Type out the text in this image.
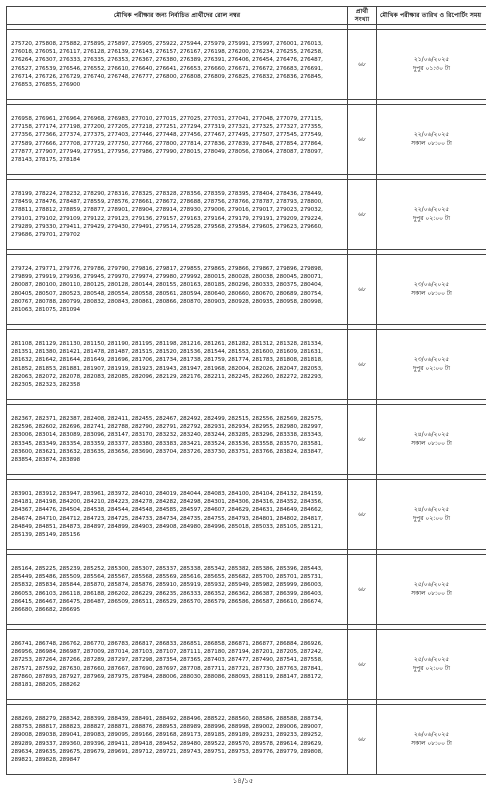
মৌখিক পরীক্ষার জন্য নির্বাচিত প্রার্থীদের রোল নম্বর	প্রার্থী সংখ্যা	মৌখিক পরীক্ষার তারিখ ও রিপোর্টিং সময়

275720, 275808, 275882, 275895, 275897, 275905, 275922, 275944, 275979, 275991, 275997, 276001, 276013, 276018, 276051, 276117, 276128, 276139, 276143, 276157, 276167, 276198, 276200, 276234, 276255, 276258, 276264, 276307, 276333, 276335, 276353, 276367, 276380, 276389, 276391, 276406, 276454, 276476, 276487, 276527, 276539, 276546, 276552, 276610, 276640, 276641, 276653, 276660, 276671, 276672, 276683, 276691, 276714, 276726, 276729, 276740, 276748, 276777, 276800, 276808, 276809, 276825, 276832, 276836, 276845, 276853, 276855, 276900	৬৮	২১/০৬/২০২৫
দুপুর ০১:৩০ টা

276958, 276961, 276964, 276968, 276983, 277010, 277015, 277025, 277031, 277041, 277048, 277079, 277115, 277158, 277174, 277198, 277200, 277205, 277218, 277251, 277294, 277319, 277321, 277325, 277327, 277355, 277356, 277366, 277374, 277375, 277403, 277446, 277448, 277456, 277467, 277495, 277507, 277545, 277549, 277589, 277666, 277708, 277729, 277750, 277766, 277800, 277814, 277836, 277839, 277848, 277854, 277864, 277877, 277907, 277949, 277951, 277956, 277986, 277990, 278015, 278049, 278056, 278064, 278087, 278097, 278143, 278175, 278184	৬৮	২২/০৬/২০২৫
সকাল ০৮:০০ টা

278199, 278224, 278232, 278290, 278316, 278325, 278328, 278356, 278359, 278395, 278404, 278436, 278449, 278459, 278476, 278487, 278559, 278576, 278661, 278672, 278688, 278756, 278766, 278787, 278793, 278800, 278811, 278812, 278859, 278877, 278901, 278904, 278914, 278930, 279006, 279016, 279017, 279023, 279032, 279101, 279102, 279109, 279122, 279123, 279136, 279157, 279163, 279164, 279179, 279191, 279209, 279224, 279289, 279330, 279411, 279429, 279430, 279491, 279514, 279528, 279568, 279584, 279605, 279623, 279660, 279686, 279701, 279702	৬৮	২২/০৬/২০২৫
দুপুর ০২:০০ টা

279724, 279771, 279776, 279786, 279790, 279816, 279817, 279855, 279865, 279866, 279867, 279896, 279898, 279899, 279919, 279936, 279945, 279970, 279974, 279980, 279992, 280015, 280028, 280038, 280045, 280071, 280087, 280100, 280110, 280125, 280128, 280144, 280155, 280163, 280185, 280296, 280333, 280375, 280404, 280405, 280507, 280523, 280548, 280554, 280558, 280561, 280594, 280640, 280660, 280670, 280689, 280754, 280767, 280788, 280799, 280832, 280843, 280861, 280866, 280870, 280903, 280928, 280935, 280958, 280998, 281063, 281075, 281094	৬৮	২৩/০৬/২০২৫
সকাল ০৮:০০ টা

281108, 281129, 281130, 281150, 281190, 281195, 281198, 281216, 281261, 281282, 281312, 281328, 281334, 281351, 281380, 281421, 281478, 281487, 281515, 281520, 281536, 281544, 281553, 281600, 281609, 281631, 281632, 281642, 281644, 281649, 281696, 281706, 281734, 281738, 281759, 281774, 281783, 281808, 281818, 281852, 281853, 281881, 281907, 281919, 281923, 281943, 281947, 281968, 282004, 282026, 282047, 282053, 282063, 282072, 282078, 282083, 282085, 282096, 282129, 282176, 282211, 282245, 282260, 282272, 282293, 282305, 282323, 282358	৬৮	২৩/০৬/২০২৫
দুপুর ০২:০০ টা

282367, 282371, 282387, 282408, 282411, 282455, 282467, 282492, 282499, 282515, 282556, 282569, 282575, 282596, 282602, 282696, 282741, 282788, 282790, 282791, 282792, 282931, 282934, 282955, 282980, 282997, 283006, 283014, 283089, 283096, 283147, 283170, 283232, 283240, 283244, 283285, 283296, 283338, 283343, 283345, 283349, 283354, 283359, 283377, 283380, 283383, 283421, 283524, 283536, 283558, 283570, 283581, 283600, 283621, 283632, 283635, 283656, 283690, 283704, 283726, 283730, 283751, 283766, 283824, 283847, 283854, 283874, 283898	৬৮	২৪/০৬/২০২৫
সকাল ০৮:০০ টা

283901, 283912, 283947, 283961, 283972, 284010, 284019, 284044, 284083, 284100, 284104, 284132, 284159, 284181, 284198, 284200, 284210, 284223, 284278, 284282, 284298, 284301, 284306, 284316, 284352, 284356, 284367, 284476, 284504, 284538, 284544, 284548, 284585, 284597, 284607, 284629, 284631, 284649, 284662, 284674, 284710, 284712, 284723, 284725, 284733, 284734, 284735, 284755, 284793, 284801, 284802, 284817, 284849, 284851, 284873, 284897, 284899, 284903, 284908, 284980, 284996, 285018, 285033, 285105, 285121, 285139, 285149, 285156	৬৮	২৪/০৬/২০২৫
দুপুর ০২:০০ টা

285164, 285225, 285239, 285252, 285300, 285307, 285337, 285338, 285342, 285382, 285386, 285396, 285443, 285449, 285486, 285509, 285564, 285567, 285568, 285569, 285616, 285655, 285682, 285700, 285701, 285731, 285832, 285834, 285844, 285870, 285874, 285876, 285910, 285919, 285932, 285949, 285982, 285999, 286003, 286053, 286103, 286118, 286188, 286202, 286229, 286235, 286333, 286352, 286362, 286387, 286399, 286403, 286415, 286467, 286475, 286487, 286509, 286511, 286529, 286570, 286579, 286586, 286587, 286610, 286674, 286680, 286682, 286695	৬৮	২৫/০৬/২০২৫
সকাল ০৮:০০ টা

286741, 286748, 286762, 286770, 286783, 286817, 286833, 286851, 286858, 286871, 286877, 286884, 286926, 286956, 286984, 286987, 287009, 287014, 287103, 287107, 287111, 287180, 287194, 287201, 287205, 287242, 287253, 287264, 287266, 287289, 287297, 287298, 287354, 287365, 287403, 287477, 287490, 287541, 287558, 287571, 287592, 287630, 287660, 287667, 287690, 287697, 287708, 287711, 287721, 287730, 287763, 287841, 287860, 287893, 287927, 287969, 287975, 287984, 288006, 288030, 288086, 288093, 288119, 288147, 288172, 288181, 288205, 288262	৬৮	২৫/০৬/২০২৫
দুপুর ০২:০০ টা

288269, 288279, 288342, 288399, 288439, 288491, 288492, 288496, 288522, 288560, 288586, 288588, 288734, 288753, 288817, 288823, 288827, 288871, 288876, 288953, 288989, 288996, 288998, 289002, 289006, 289007, 289008, 289038, 289041, 289083, 289095, 289166, 289168, 289173, 289185, 289189, 289231, 289233, 289252, 289289, 289337, 289360, 289396, 289411, 289418, 289452, 289480, 289522, 289570, 289578, 289614, 289629, 289634, 289635, 289675, 289679, 289691, 289712, 289721, 289743, 289751, 289753, 289776, 289779, 289808, 289821, 289828, 289847	৬৮	২৬/০৬/২০২৫
সকাল ০৮:০০ টা
১৪/১৫
